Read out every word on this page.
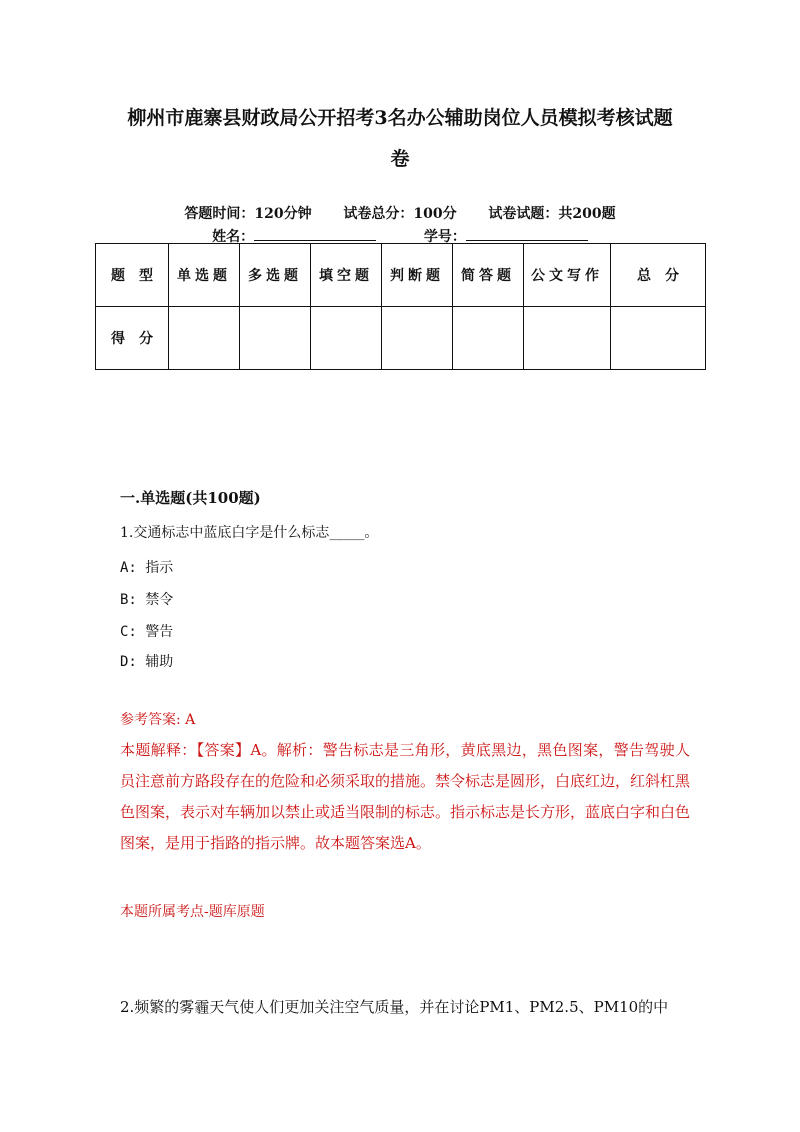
柳州市鹿寨县财政局公开招考3名办公辅助岗位人员模拟考核试题
卷
答题时间：120分钟 试卷总分：100分 试卷试题：共200题
姓名：	学号：
题　型	单选题	多选题	填空题	判断题	简答题	公文写作	总　分
得　分							
一.单选题(共100题)
1.交通标志中蓝底白字是什么标志_____。
A: 指示
B: 禁令
C: 警告
D: 辅助
参考答案: A
本题解释：【答案】A。解析：警告标志是三角形，黄底黑边，黑色图案，警告驾驶人员注意前方路段存在的危险和必须采取的措施。禁令标志是圆形，白底红边，红斜杠黑色图案，表示对车辆加以禁止或适当限制的标志。指示标志是长方形，蓝底白字和白色图案，是用于指路的指示牌。故本题答案选A。
本题所属考点-题库原题
2.频繁的雾霾天气使人们更加关注空气质量，并在讨论PM1、PM2.5、PM10的中
